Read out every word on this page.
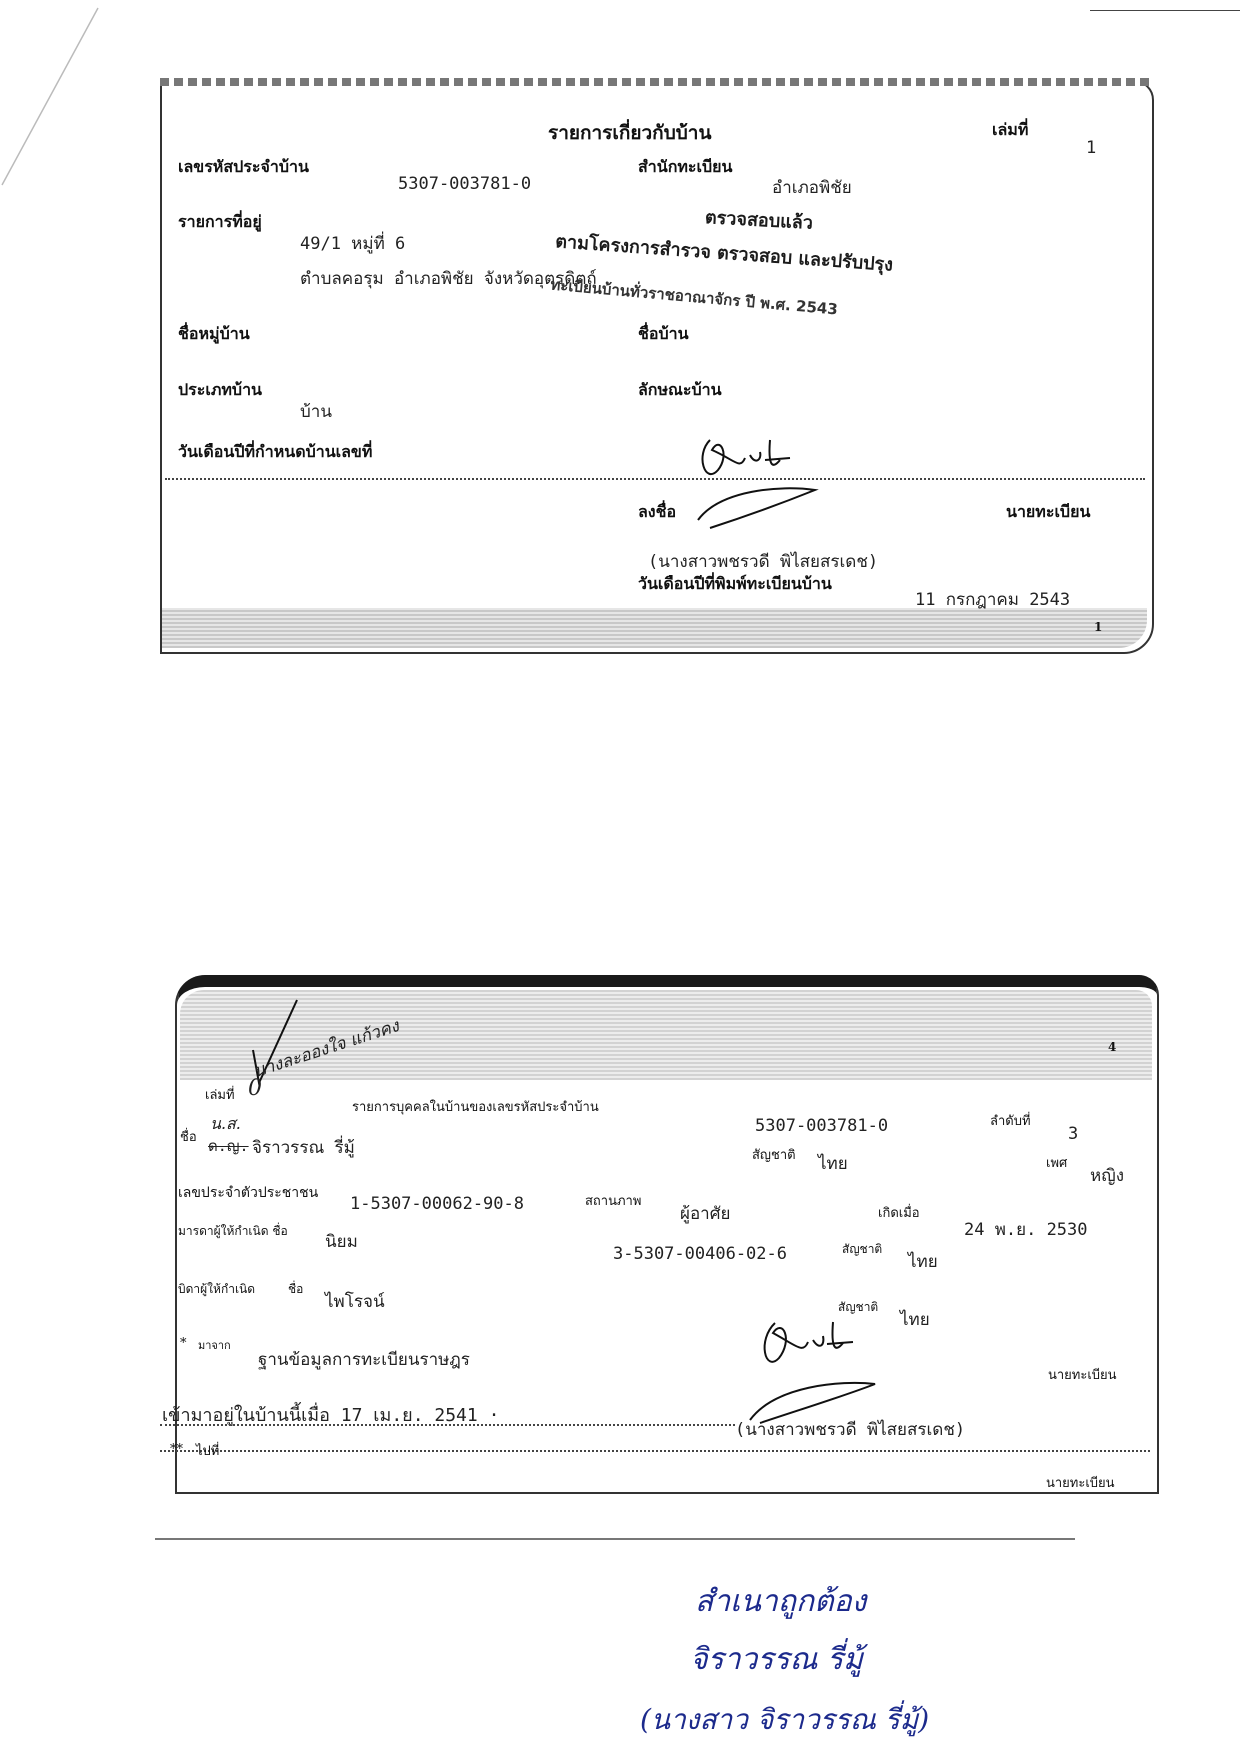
รายการเกี่ยวกับบ้าน	เล่มที่
1
เลขรหัสประจำบ้าน
5307-003781-0
สำนักทะเบียน
อำเภอพิชัย
รายการที่อยู่
49/1 หมู่ที่ 6
ตำบลคอรุม อำเภอพิชัย จังหวัดอุตรดิตถ์
ตรวจสอบแล้ว
ตามโครงการสำรวจ ตรวจสอบ และปรับปรุง
ทะเบียนบ้านทั่วราชอาณาจักร ปี พ.ศ. 2543
ชื่อหมู่บ้าน	ชื่อบ้าน
ประเภทบ้าน
บ้าน
ลักษณะบ้าน
วันเดือนปีที่กำหนดบ้านเลขที่
ลงชื่อ	นายทะเบียน
(นางสาวพชรวดี พิไสยสรเดช)
วันเดือนปีที่พิมพ์ทะเบียนบ้าน
11 กรกฎาคม 2543
1
4
นางละอองใจ แก้วคง
เล่มที่ 0
รายการบุคคลในบ้านของเลขรหัสประจำบ้าน
5307-003781-0	ลำดับที่
3
ชื่อ
น.ส.
ด.ญ. จิราวรรณ รี่มู้	สัญชาติ ไทย	เพศ
หญิง
เลขประจำตัวประชาชน
1-5307-00062-90-8	สถานภาพ
ผู้อาศัย	เกิดเมื่อ
24 พ.ย. 2530
มารดาผู้ให้กำเนิด ชื่อ
นิยม
3-5307-00406-02-6	สัญชาติ
ไทย
บิดาผู้ให้กำเนิด	ชื่อ
ไพโรจน์	สัญชาติ
ไทย
* มาจาก
ฐานข้อมูลการทะเบียนราษฎร
นายทะเบียน
เข้ามาอยู่ในบ้านนี้เมื่อ 17 เม.ย. 2541 ·
(นางสาวพชรวดี พิไสยสรเดช)
** ไปที่
นายทะเบียน
สำเนาถูกต้อง
จิราวรรณ รี่มู้
(นางสาว จิราวรรณ รี่มู้)
